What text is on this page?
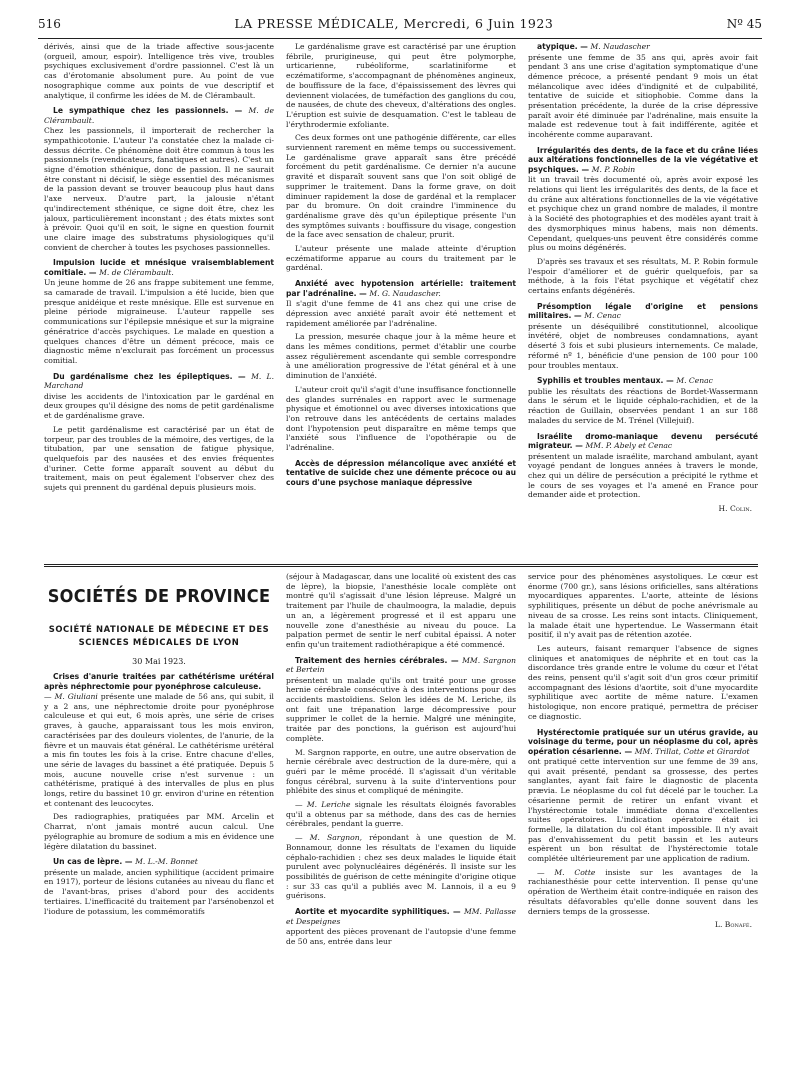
516	LA PRESSE MÉDICALE, Mercredi, 6 Juin 1923	Nº 45

dérivés, ainsi que de la triade affective sous-jacente (orgueil, amour, espoir). Intelligence très vive, troubles psychiques exclusivement d'ordre passionnel. C'est là un cas d'érotomanie absolument pure. Au point de vue nosographique comme aux points de vue descriptif et analytique, il confirme les idées de M. de Clérambault.

Le sympathique chez les passionnels. — M. de Clérambault.

Chez les passionnels, il importerait de rechercher la sympathicotonie. L'auteur l'a constatée chez la malade ci-dessus décrite. Ce phénomène doit être commun à tous les passionnels (revendicateurs, fanatiques et autres). C'est un signe d'émotion sthénique, donc de passion. Il ne saurait être constant ni décisif, le siège essentiel des mécanismes de la passion devant se trouver beaucoup plus haut dans l'axe nerveux. D'autre part, la jalousie n'étant qu'indirectement sthénique, ce signe doit être, chez les jaloux, particulièrement inconstant ; des états mixtes sont à prévoir. Quoi qu'il en soit, le signe en question fournit une claire image des substratums physiologiques qu'il convient de chercher à toutes les psychoses passionnelles.

Impulsion lucide et mnésique vraisemblablement comitiale. — M. de Clérambault.

Un jeune homme de 26 ans frappe subitement une femme, sa camarade de travail. L'impulsion a été lucide, bien que presque anidéique et reste mnésique. Elle est survenue en pleine période migraineuse. L'auteur rappelle ses communications sur l'épilepsie mnésique et sur la migraine génératrice d'accès psychiques. Le malade en question a quelques chances d'être un dément précoce, mais ce diagnostic même n'exclurait pas forcément un processus comitial.

Du gardénalisme chez les épileptiques. — M. L. Marchand

divise les accidents de l'intoxication par le gardénal en deux groupes qu'il désigne des noms de petit gardénalisme et de gardénalisme grave.

Le petit gardénalisme est caractérisé par un état de torpeur, par des troubles de la mémoire, des vertiges, de la titubation, par une sensation de fatigue physique, quelquefois par des nausées et des envies fréquentes d'uriner. Cette forme apparaît souvent au début du traitement, mais on peut également l'observer chez des sujets qui prennent du gardénal depuis plusieurs mois.

Le gardénalisme grave est caractérisé par une éruption fébrile, prurigineuse, qui peut être polymorphe, urticarienne, rubéoliforme, scarlatiniforme et eczématiforme, s'accompagnant de phénomènes angineux, de bouffissure de la face, d'épaississement des lèvres qui deviennent violacées, de tuméfaction des ganglions du cou, de nausées, de chute des cheveux, d'altérations des ongles. L'éruption est suivie de desquamation. C'est le tableau de l'érythrodermie exfoliante.

Ces deux formes ont une pathogénie différente, car elles surviennent rarement en même temps ou successivement. Le gardénalisme grave apparaît sans être précédé forcément du petit gardénalisme. Ce dernier n'a aucune gravité et disparaît souvent sans que l'on soit obligé de supprimer le traitement. Dans la forme grave, on doit diminuer rapidement la dose de gardénal et la remplacer par du bromure. On doit craindre l'imminence du gardénalisme grave dès qu'un épileptique présente l'un des symptômes suivants : bouffissure du visage, congestion de la face avec sensation de chaleur, prurit.

L'auteur présente une malade atteinte d'éruption eczématiforme apparue au cours du traitement par le gardénal.

Anxiété avec hypotension artérielle: traitement par l'adrénaline. — M. G. Naudascher.

Il s'agit d'une femme de 41 ans chez qui une crise de dépression avec anxiété paraît avoir été nettement et rapidement améliorée par l'adrénaline.

La pression, mesurée chaque jour à la même heure et dans les mêmes conditions, permet d'établir une courbe assez régulièrement ascendante qui semble correspondre à une amélioration progressive de l'état général et à une diminution de l'anxiété.

L'auteur croit qu'il s'agit d'une insuffisance fonctionnelle des glandes surrénales en rapport avec le surmenage physique et émotionnel ou avec diverses intoxications que l'on retrouve dans les antécédents de certains malades dont l'hypotension peut disparaître en même temps que l'anxiété sous l'influence de l'opothérapie ou de l'adrénaline.

Accès de dépression mélancolique avec anxiété et tentative de suicide chez une démente précoce ou au cours d'une psychose maniaque dépressive
atypique. — M. Naudascher

présente une femme de 35 ans qui, après avoir fait pendant 3 ans une crise d'agitation symptomatique d'une démence précoce, a présenté pendant 9 mois un état mélancolique avec idées d'indignité et de culpabilité, tentative de suicide et sitiophobie. Comme dans la présentation précédente, la durée de la crise dépressive paraît avoir été diminuée par l'adrénaline, mais ensuite la malade est redevenue tout à fait indifférente, agitée et incohérente comme auparavant.

Irrégularités des dents, de la face et du crâne liées aux altérations fonctionnelles de la vie végétative et psychiques. — M. P. Robin

lit un travail très documenté où, après avoir exposé les relations qui lient les irrégularités des dents, de la face et du crâne aux altérations fonctionnelles de la vie végétative et psychique chez un grand nombre de malades, il montre à la Société des photographies et des modèles ayant trait à des dysmorphiques minus habens, mais non déments. Cependant, quelques-uns peuvent être considérés comme plus ou moins dégénérés.

D'après ses travaux et ses résultats, M. P. Robin formule l'espoir d'améliorer et de guérir quelquefois, par sa méthode, à la fois l'état psychique et végétatif chez certains enfants dégénérés.

Présomption légale d'origine et pensions militaires. — M. Cenac

présente un déséquilibré constitutionnel, alcoolique invétéré, objet de nombreuses condamnations, ayant déserté 3 fois et subi plusieurs internements. Ce malade, réformé nº 1, bénéficie d'une pension de 100 pour 100 pour troubles mentaux.

Syphilis et troubles mentaux. — M. Cenac

publie les résultats des réactions de Bordet-Wassermann dans le sérum et le liquide céphalo-rachidien, et de la réaction de Guillain, observées pendant 1 an sur 188 malades du service de M. Trénel (Villejuif).

Israélite dromo-maniaque devenu persécuté migrateur. — MM. P. Abely et Cenac

présentent un malade israélite, marchand ambulant, ayant voyagé pendant de longues années à travers le monde, chez qui un délire de persécution a précipité le rythme et le cours de ses voyages et l'a amené en France pour demander aide et protection.

H. Colin.
SOCIÉTÉS DE PROVINCE
SOCIÉTÉ NATIONALE DE MÉDECINE ET DES SCIENCES MÉDICALES DE LYON
30 Mai 1923.
Crises d'anurie traitées par cathétérisme urétéral après néphrectomie pour pyonéphrose calculeuse.

— M. Giuliani présente une malade de 56 ans, qui subit, il y a 2 ans, une néphrectomie droite pour pyonéphrose calculeuse et qui eut, 6 mois après, une série de crises graves, à gauche, apparaissant tous les mois environ, caractérisées par des douleurs violentes, de l'anurie, de la fièvre et un mauvais état général. Le cathétérisme urétéral a mis fin toutes les fois à la crise. Entre chacune d'elles, une série de lavages du bassinet a été pratiquée. Depuis 5 mois, aucune nouvelle crise n'est survenue : un cathétérisme, pratiqué à des intervalles de plus en plus longs, retire du bassinet 10 gr. environ d'urine en rétention et contenant des leucocytes.

Des radiographies, pratiquées par MM. Arcelin et Charrat, n'ont jamais montré aucun calcul. Une pyélographie au bromure de sodium a mis en évidence une légère dilatation du bassinet.

Un cas de lèpre. — M. L.-M. Bonnet

présente un malade, ancien syphilitique (accident primaire en 1917), porteur de lésions cutanées au niveau du flanc et de l'avant-bras, prises d'abord pour des accidents tertiaires. L'inefficacité du traitement par l'arsénobenzol et l'iodure de potassium, les commémoratifs

(séjour à Madagascar, dans une localité où existent des cas de lèpre), la biopsie, l'anesthésie locale complète ont montré qu'il s'agissait d'une lésion lépreuse. Malgré un traitement par l'huile de chaulmoogra, la maladie, depuis un an, a légèrement progressé et il est apparu une nouvelle zone d'anesthésie au niveau du pouce. La palpation permet de sentir le nerf cubital épaissi. A noter enfin qu'un traitement radiothérapique a été commencé.

Traitement des hernies cérébrales. — MM. Sargnon et Bertein

présentent un malade qu'ils ont traité pour une grosse hernie cérébrale consécutive à des interventions pour des accidents mastoïdiens. Selon les idées de M. Leriche, ils ont fait une trépanation large décompressive pour supprimer le collet de la hernie. Malgré une méningite, traitée par des ponctions, la guérison est aujourd'hui complète.

M. Sargnon rapporte, en outre, une autre observation de hernie cérébrale avec destruction de la dure-mère, qui a guéri par le même procédé. Il s'agissait d'un véritable fongus cérébral, survenu à la suite d'interventions pour phlébite des sinus et compliqué de méningite.

— M. Leriche signale les résultats éloignés favorables qu'il a obtenus par sa méthode, dans des cas de hernies cérébrales, pendant la guerre.

— M. Sargnon, répondant à une question de M. Bonnamour, donne les résultats de l'examen du liquide céphalo-rachidien : chez ses deux malades le liquide était purulent avec polynucléaires dégénérés. Il insiste sur les possibilités de guérison de cette méningite d'origine otique : sur 33 cas qu'il a publiés avec M. Lannois, il a eu 9 guérisons.

Aortite et myocardite syphilitiques. — MM. Pallasse et Despeignes

apportent des pièces provenant de l'autopsie d'une femme de 50 ans, entrée dans leur

service pour des phénomènes asystoliques. Le cœur est énorme (700 gr.), sans lésions orificielles, sans altérations myocardiques apparentes. L'aorte, atteinte de lésions syphilitiques, présente un début de poche anévrismale au niveau de sa crosse. Les reins sont intacts. Cliniquement, la malade était une hypertendue. Le Wassermann était positif, il n'y avait pas de rétention azotée.

Les auteurs, faisant remarquer l'absence de signes cliniques et anatomiques de néphrite et en tout cas la discordance très grande entre le volume du cœur et l'état des reins, pensent qu'il s'agit soit d'un gros cœur primitif accompagnant des lésions d'aortite, soit d'une myocardite syphilitique avec aortite de même nature. L'examen histologique, non encore pratiqué, permettra de préciser ce diagnostic.

Hystérectomie pratiquée sur un utérus gravide, au voisinage du terme, pour un néoplasme du col, après opération césarienne. — MM. Trillat, Cotte et Girardot

ont pratiqué cette intervention sur une femme de 39 ans, qui avait présenté, pendant sa grossesse, des pertes sanglantes, ayant fait faire le diagnostic de placenta prævia. Le néoplasme du col fut décelé par le toucher. La césarienne permit de retirer un enfant vivant et l'hystérectomie totale immédiate donna d'excellentes suites opératoires. L'indication opératoire était ici formelle, la dilatation du col étant impossible. Il n'y avait pas d'envahissement du petit bassin et les auteurs espèrent un bon résultat de l'hystérectomie totale complétée ultérieurement par une application de radium.

— M. Cotte insiste sur les avantages de la rachianesthésie pour cette intervention. Il pense qu'une opération de Wertheim était contre-indiquée en raison des résultats défavorables qu'elle donne souvent dans les derniers temps de la grossesse.

L. Bonafé.
